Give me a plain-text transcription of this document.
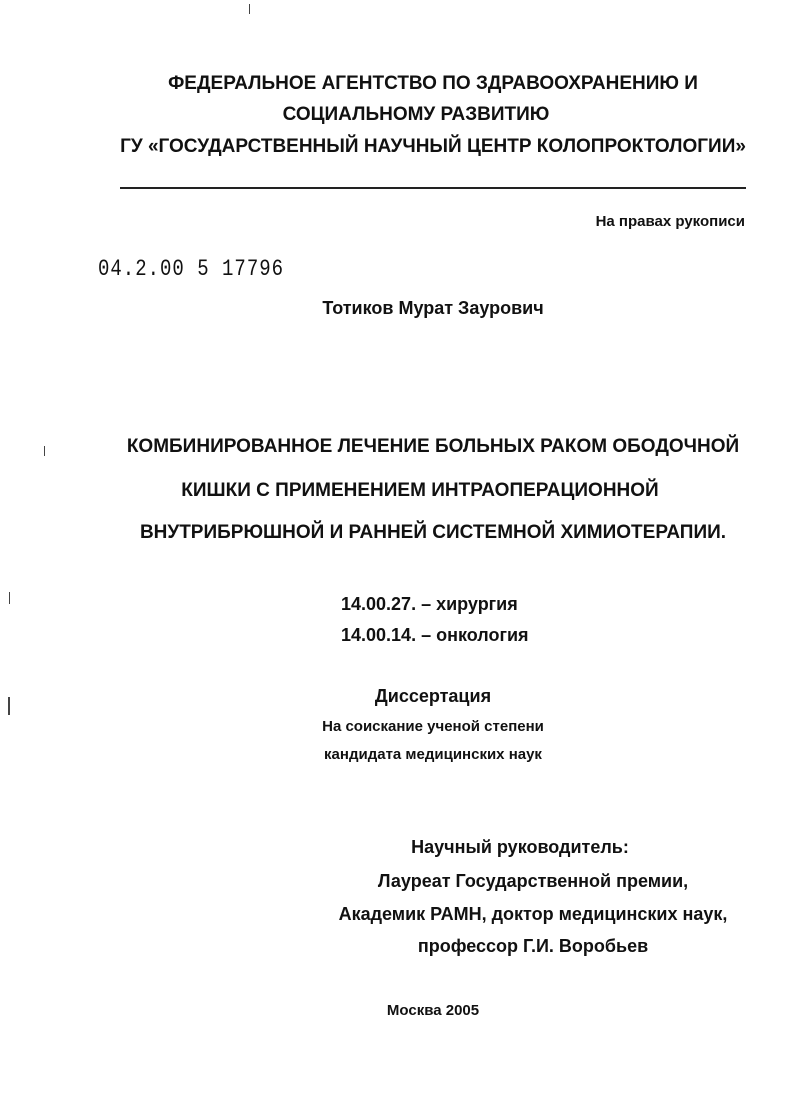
ФЕДЕРАЛЬНОЕ АГЕНТСТВО ПО ЗДРАВООХРАНЕНИЮ И
СОЦИАЛЬНОМУ РАЗВИТИЮ
ГУ «ГОСУДАРСТВЕННЫЙ НАУЧНЫЙ ЦЕНТР КОЛОПРОКТОЛОГИИ»
На правах рукописи
04.2.00 5 17796
Тотиков Мурат Заурович
КОМБИНИРОВАННОЕ ЛЕЧЕНИЕ БОЛЬНЫХ РАКОМ ОБОДОЧНОЙ
КИШКИ С ПРИМЕНЕНИЕМ ИНТРАОПЕРАЦИОННОЙ
ВНУТРИБРЮШНОЙ И РАННЕЙ СИСТЕМНОЙ ХИМИОТЕРАПИИ.
14.00.27. – хирургия
14.00.14. – онкология
Диссертация
На соискание ученой степени
кандидата медицинских наук
Научный руководитель:
Лауреат Государственной премии,
Академик РАМН, доктор медицинских наук,
профессор Г.И. Воробьев
Москва 2005
